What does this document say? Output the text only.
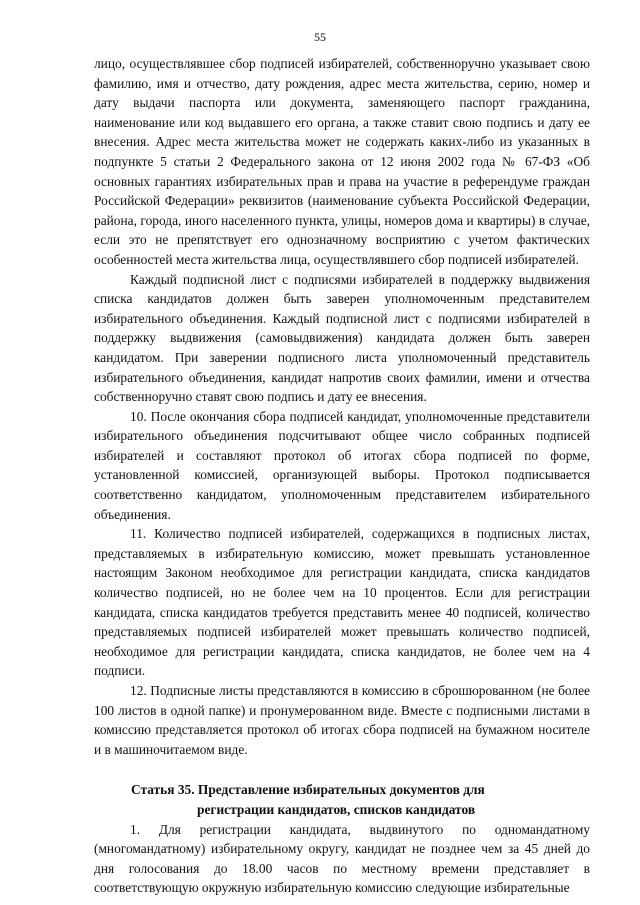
55

лицо, осуществлявшее сбор подписей избирателей, собственноручно указывает свою фамилию, имя и отчество, дату рождения, адрес места жительства, серию, номер и дату выдачи паспорта или документа, заменяющего паспорт гражданина, наименование или код выдавшего его органа, а также ставит свою подпись и дату ее внесения. Адрес места жительства может не содержать каких-либо из указанных в подпункте 5 статьи 2 Федерального закона от 12 июня 2002 года № 67-ФЗ «Об основных гарантиях избирательных прав и права на участие в референдуме граждан Российской Федерации» реквизитов (наименование субъекта Российской Федерации, района, города, иного населенного пункта, улицы, номеров дома и квартиры) в случае, если это не препятствует его однозначному восприятию с учетом фактических особенностей места жительства лица, осуществлявшего сбор подписей избирателей.

Каждый подписной лист с подписями избирателей в поддержку выдвижения списка кандидатов должен быть заверен уполномоченным представителем избирательного объединения. Каждый подписной лист с подписями избирателей в поддержку выдвижения (самовыдвижения) кандидата должен быть заверен кандидатом. При заверении подписного листа уполномоченный представитель избирательного объединения, кандидат напротив своих фамилии, имени и отчества собственноручно ставят свою подпись и дату ее внесения.

10. После окончания сбора подписей кандидат, уполномоченные представители избирательного объединения подсчитывают общее число собранных подписей избирателей и составляют протокол об итогах сбора подписей по форме, установленной комиссией, организующей выборы. Протокол подписывается соответственно кандидатом, уполномоченным представителем избирательного объединения.

11. Количество подписей избирателей, содержащихся в подписных листах, представляемых в избирательную комиссию, может превышать установленное настоящим Законом необходимое для регистрации кандидата, списка кандидатов количество подписей, но не более чем на 10 процентов. Если для регистрации кандидата, списка кандидатов требуется представить менее 40 подписей, количество представляемых подписей избирателей может превышать количество подписей, необходимое для регистрации кандидата, списка кандидатов, не более чем на 4 подписи.

12. Подписные листы представляются в комиссию в сброшюрованном (не более 100 листов в одной папке) и пронумерованном виде. Вместе с подписными листами в комиссию представляется протокол об итогах сбора подписей на бумажном носителе и в машиночитаемом виде.

Статья 35. Представление избирательных документов для
регистрации кандидатов, списков кандидатов

1. Для регистрации кандидата, выдвинутого по одномандатному (многомандатному) избирательному округу, кандидат не позднее чем за 45 дней до дня голосования до 18.00 часов по местному времени представляет в соответствующую окружную избирательную комиссию следующие избирательные
